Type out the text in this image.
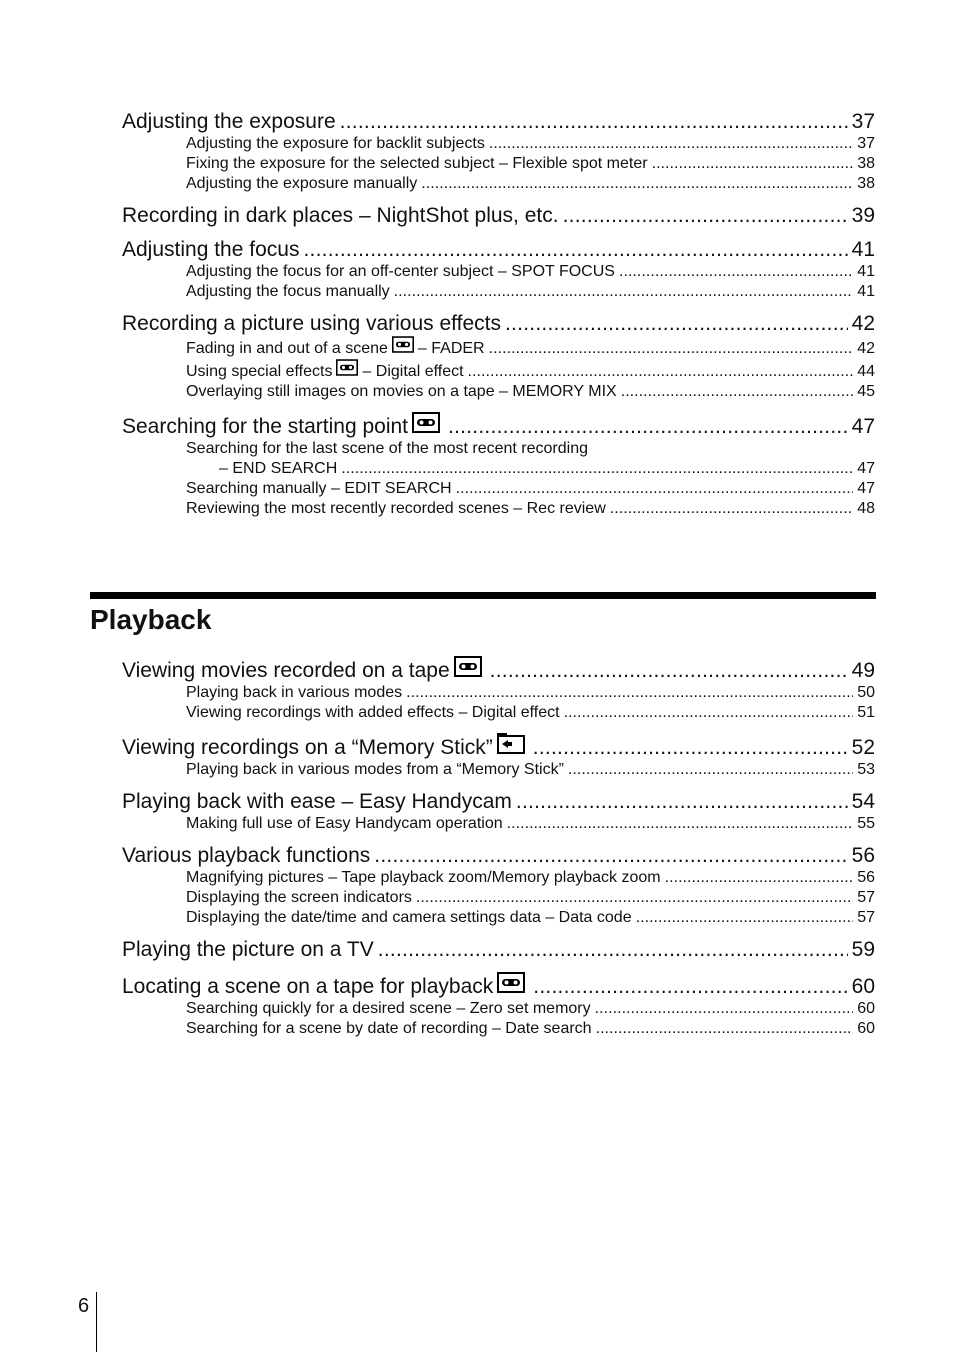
Adjusting the exposure . . .	37
Adjusting the exposure for backlit subjects . . .	37
Fixing the exposure for the selected subject – Flexible spot meter . . .	38
Adjusting the exposure manually . . .	38
Recording in dark places – NightShot plus, etc. . . .	39
Adjusting the focus . . .	41
Adjusting the focus for an off-center subject – SPOT FOCUS . . .	41
Adjusting the focus manually . . .	41
Recording a picture using various effects . . .	42
Fading in and out of a scene – FADER . . .	42
Using special effects – Digital effect . . .	44
Overlaying still images on movies on a tape – MEMORY MIX . . .	45
Searching for the starting point . . .	47
Searching for the last scene of the most recent recording
– END SEARCH . . .	47
Searching manually – EDIT SEARCH . . .	47
Reviewing the most recently recorded scenes – Rec review . . .	48
Playback
Viewing movies recorded on a tape . . .	49
Playing back in various modes . . .	50
Viewing recordings with added effects – Digital effect . . .	51
Viewing recordings on a “Memory Stick” . . .	52
Playing back in various modes from a “Memory Stick” . . .	53
Playing back with ease – Easy Handycam . . .	54
Making full use of Easy Handycam operation . . .	55
Various playback functions . . .	56
Magnifying pictures – Tape playback zoom/Memory playback zoom . . .	56
Displaying the screen indicators . . .	57
Displaying the date/time and camera settings data – Data code . . .	57
Playing the picture on a TV . . .	59
Locating a scene on a tape for playback . . .	60
Searching quickly for a desired scene – Zero set memory . . .	60
Searching for a scene by date of recording – Date search . . .	60
6
